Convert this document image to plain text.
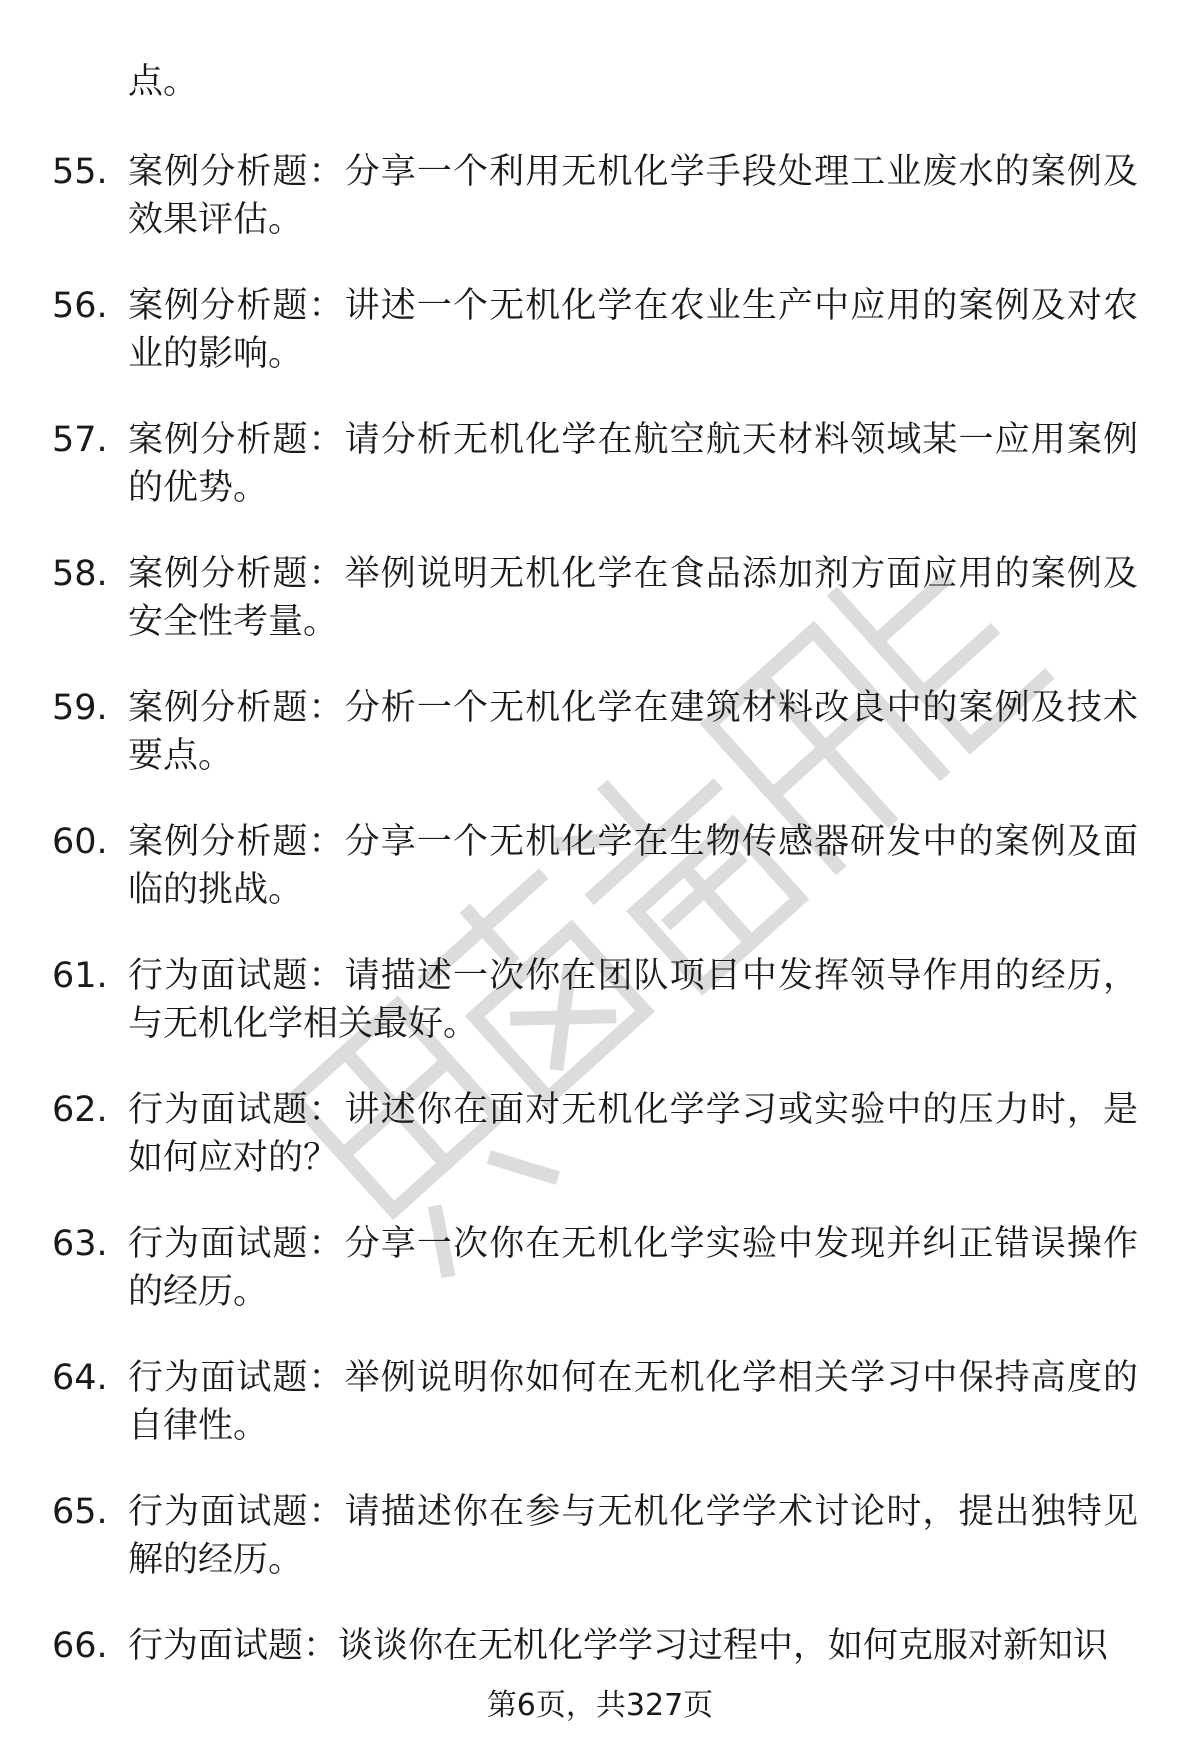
职场资料库

点。

55. 案例分析题：分享一个利用无机化学手段处理工业废水的案例及效果评估。
56. 案例分析题：讲述一个无机化学在农业生产中应用的案例及对农业的影响。
57. 案例分析题：请分析无机化学在航空航天材料领域某一应用案例的优势。
58. 案例分析题：举例说明无机化学在食品添加剂方面应用的案例及安全性考量。
59. 案例分析题：分析一个无机化学在建筑材料改良中的案例及技术要点。
60. 案例分析题：分享一个无机化学在生物传感器研发中的案例及面临的挑战。
61. 行为面试题：请描述一次你在团队项目中发挥领导作用的经历，与无机化学相关最好。
62. 行为面试题：讲述你在面对无机化学学习或实验中的压力时，是如何应对的？
63. 行为面试题：分享一次你在无机化学实验中发现并纠正错误操作的经历。
64. 行为面试题：举例说明你如何在无机化学相关学习中保持高度的自律性。
65. 行为面试题：请描述你在参与无机化学学术讨论时，提出独特见解的经历。
66. 行为面试题：谈谈你在无机化学学习过程中，如何克服对新知识
第6页，共327页
